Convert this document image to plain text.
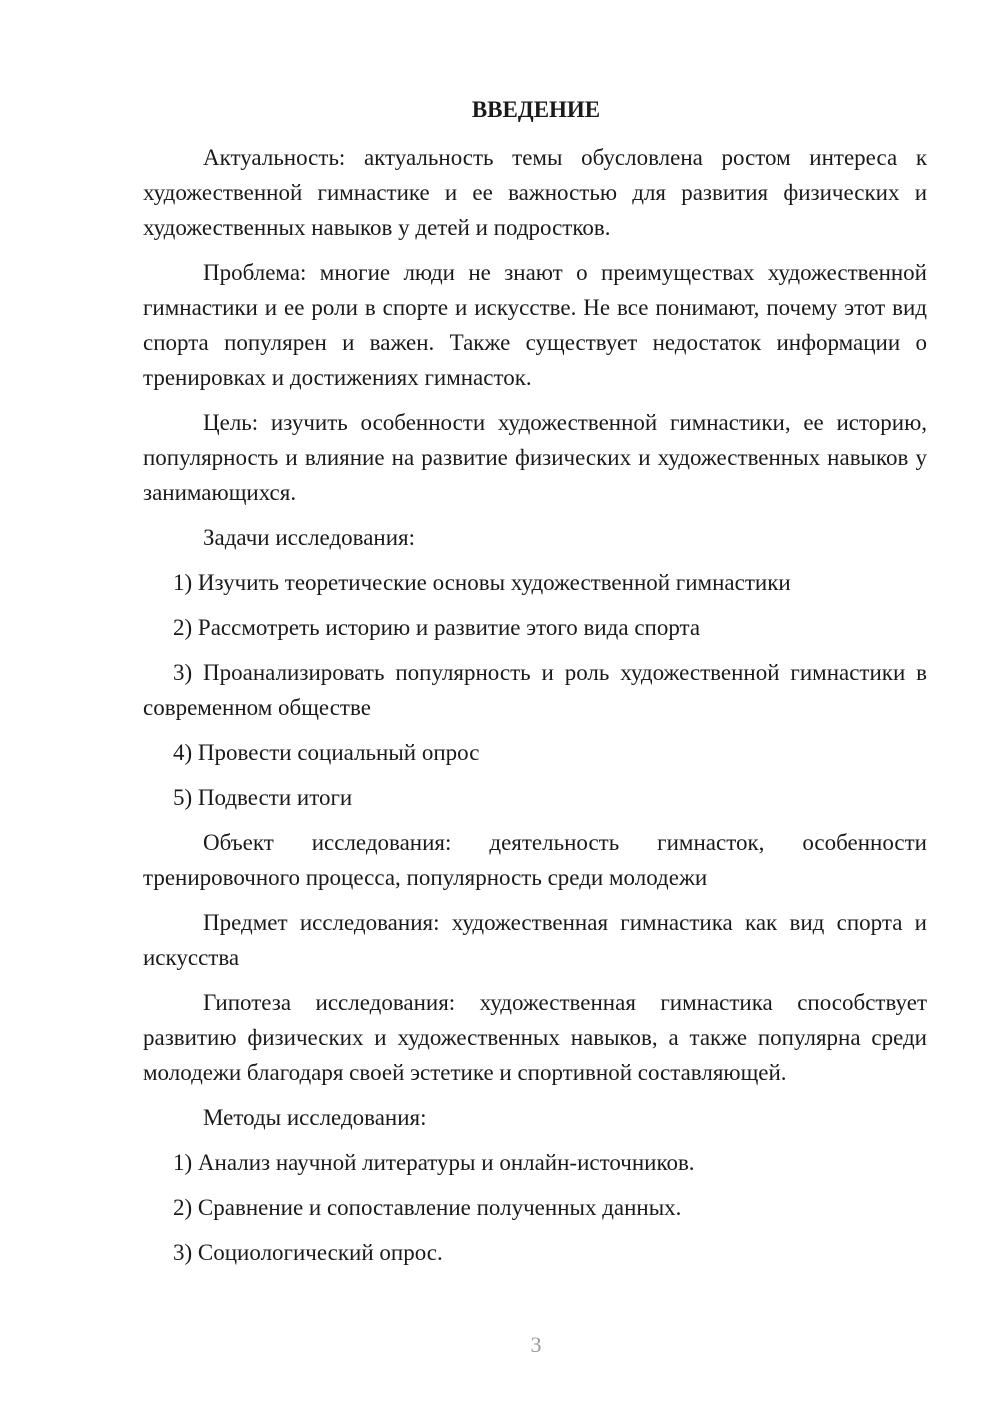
ВВЕДЕНИЕ

Актуальность: актуальность темы обусловлена ростом интереса к художественной гимнастике и ее важностью для развития физических и художественных навыков у детей и подростков.

Проблема: многие люди не знают о преимуществах художественной гимнастики и ее роли в спорте и искусстве. Не все понимают, почему этот вид спорта популярен и важен. Также существует недостаток информации о тренировках и достижениях гимнасток.

Цель: изучить особенности художественной гимнастики, ее историю, популярность и влияние на развитие физических и художественных навыков у занимающихся.

Задачи исследования:

1) Изучить теоретические основы художественной гимнастики

2) Рассмотреть историю и развитие этого вида спорта

3) Проанализировать популярность и роль художественной гимнастики в современном обществе

4) Провести социальный опрос

5) Подвести итоги

Объект исследования: деятельность гимнасток, особенности тренировочного процесса, популярность среди молодежи

Предмет исследования: художественная гимнастика как вид спорта и искусства

Гипотеза исследования: художественная гимнастика способствует развитию физических и художественных навыков, а также популярна среди молодежи благодаря своей эстетике и спортивной составляющей.

Методы исследования:

1) Анализ научной литературы и онлайн-источников.

2) Сравнение и сопоставление полученных данных.

3) Социологический опрос.

3
